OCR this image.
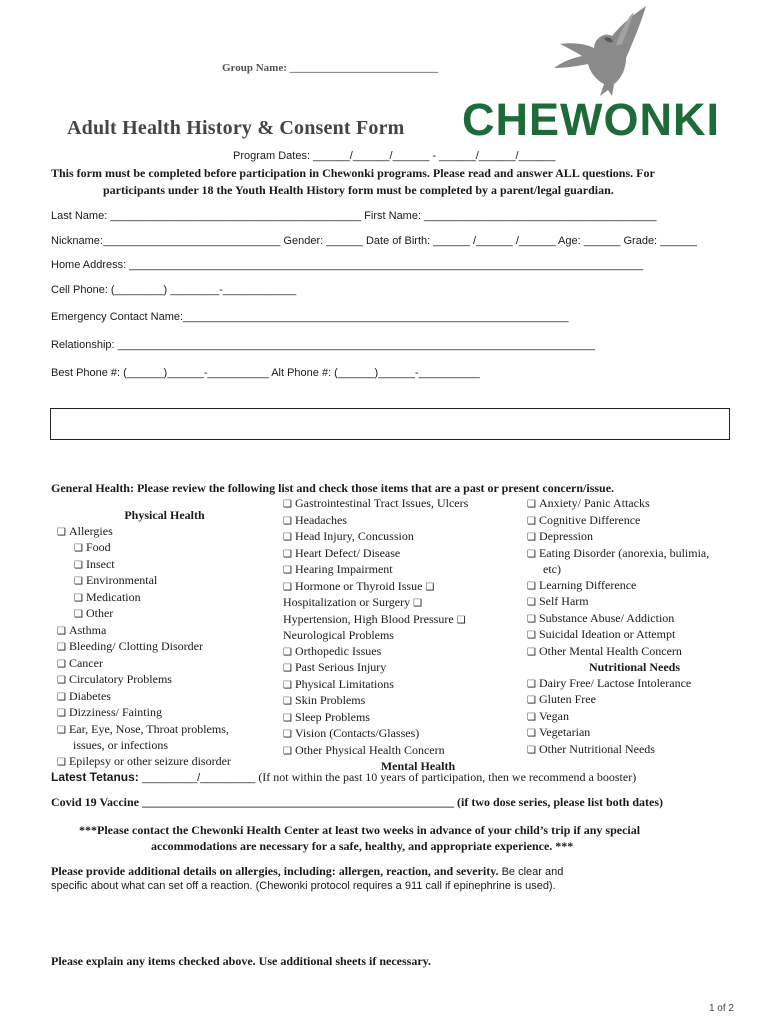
Group Name: ___________________________
CHEWONKI
Adult Health History & Consent Form
Program Dates: ______/______/______ - ______/______/______
This form must be completed before participation in Chewonki programs. Please read and answer ALL questions. For
participants under 18 the Youth Health History form must be completed by a parent/legal guardian.
Last Name: _________________________________________ First Name: ______________________________________
Nickname:_____________________________ Gender: ______ Date of Birth: ______ /______ /______ Age: ______ Grade: ______
Home Address: ____________________________________________________________________________________
Cell Phone: (________) ________-____________
Emergency Contact Name:_______________________________________________________________
Relationship: ______________________________________________________________________________
Best Phone #: (______)______-__________ Alt Phone #: (______)______-__________
General Health: Please review the following list and check those items that are a past or present concern/issue.
Physical Health
❑ Allergies
❑ Food
❑ Insect
❑ Environmental
❑ Medication
❑ Other
❑ Asthma
❑ Bleeding/ Clotting Disorder
❑ Cancer
❑ Circulatory Problems
❑ Diabetes
❑ Dizziness/ Fainting
❑ Ear, Eye, Nose, Throat problems,
issues, or infections
❑ Epilepsy or other seizure disorder
❑ Gastrointestinal Tract Issues, Ulcers
❑ Headaches
❑ Head Injury, Concussion
❑ Heart Defect/ Disease
❑ Hearing Impairment
❑ Hormone or Thyroid Issue ❑
Hospitalization or Surgery ❑
Hypertension, High Blood Pressure ❑
Neurological Problems
❑ Orthopedic Issues
❑ Past Serious Injury
❑ Physical Limitations
❑ Skin Problems
❑ Sleep Problems
❑ Vision (Contacts/Glasses)
❑ Other Physical Health Concern
Mental Health
❑ Anxiety/ Panic Attacks
❑ Cognitive Difference
❑ Depression
❑ Eating Disorder (anorexia, bulimia,
etc)
❑ Learning Difference
❑ Self Harm
❑ Substance Abuse/ Addiction
❑ Suicidal Ideation or Attempt
❑ Other Mental Health Concern
Nutritional Needs
❑ Dairy Free/ Lactose Intolerance
❑ Gluten Free
❑ Vegan
❑ Vegetarian
❑ Other Nutritional Needs
Latest Tetanus: _________/_________ (If not within the past 10 years of participation, then we recommend a booster)
Covid 19 Vaccine ____________________________________________________ (if two dose series, please list both dates)
***Please contact the Chewonki Health Center at least two weeks in advance of your child’s trip if any special
accommodations are necessary for a safe, healthy, and appropriate experience. ***
Please provide additional details on allergies, including: allergen, reaction, and severity. Be clear and
specific about what can set off a reaction. (Chewonki protocol requires a 911 call if epinephrine is used).
Please explain any items checked above. Use additional sheets if necessary.
1 of 2
